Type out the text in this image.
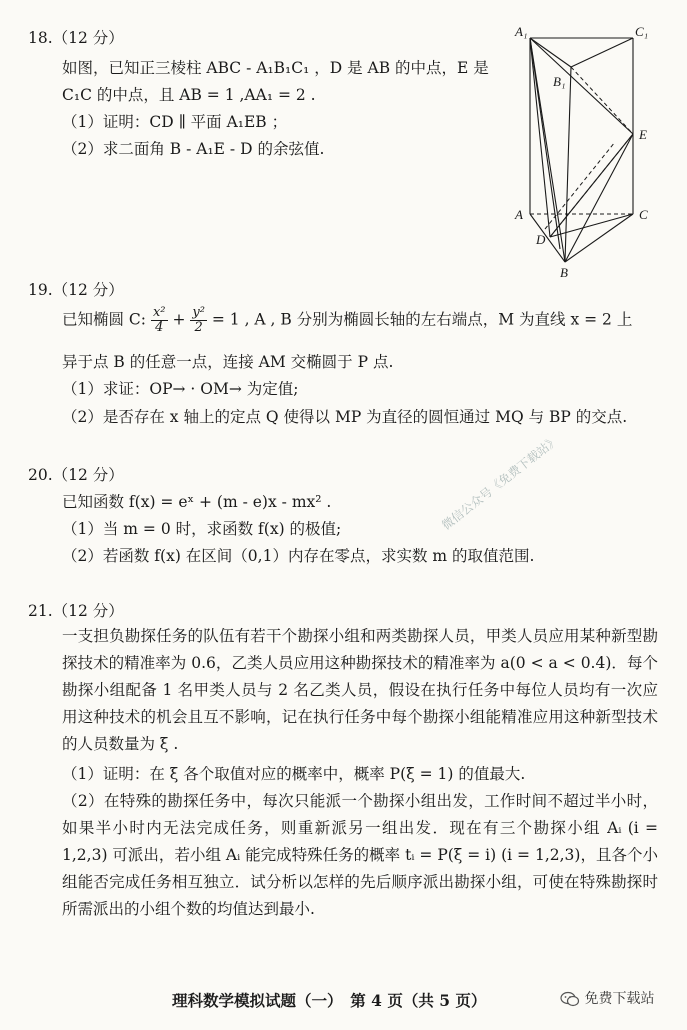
18.（12 分）
如图，已知正三棱柱 ABC - A₁B₁C₁ ，D 是 AB 的中点，E 是
C₁C 的中点，且 AB = 1 ,AA₁ = 2 .
（1）证明：CD ∥ 平面 A₁EB ；
（2）求二面角 B - A₁E - D 的余弦值.
A₁	C₁
B₁
E
A	C
D
B
19.（12 分）
已知椭圆 C: $\frac{\text{x²}}{4} + \frac{\text{y²}}{2} = 1$ , A , B 分别为椭圆长轴的左右端点，M 为直线 x = 2 上
异于点 B 的任意一点，连接 AM 交椭圆于 P 点.
（1）求证：OP→ · OM→ 为定值;
（2）是否存在 x 轴上的定点 Q 使得以 MP 为直径的圆恒通过 MQ 与 BP 的交点.
20.（12 分）
已知函数 f(x) = eˣ + (m - e)x - mx² .
（1）当 m = 0 时，求函数 f(x) 的极值;
（2）若函数 f(x) 在区间（0,1）内存在零点，求实数 m 的取值范围.
21.（12 分）
一支担负勘探任务的队伍有若干个勘探小组和两类勘探人员，甲类人员应用某种新型勘探技术的精准率为 0.6，乙类人员应用这种勘探技术的精准率为 a(0 < a < 0.4)．每个勘探小组配备 1 名甲类人员与 2 名乙类人员，假设在执行任务中每位人员均有一次应用这种技术的机会且互不影响，记在执行任务中每个勘探小组能精准应用这种新型技术的人员数量为 ξ .
（1）证明：在 ξ 各个取值对应的概率中，概率 P(ξ = 1) 的值最大.
（2）在特殊的勘探任务中，每次只能派一个勘探小组出发，工作时间不超过半小时，如果半小时内无法完成任务，则重新派另一组出发．现在有三个勘探小组 Aᵢ (i = 1,2,3) 可派出，若小组 Aᵢ 能完成特殊任务的概率 tᵢ = P(ξ = i) (i = 1,2,3)，且各个小组能否完成任务相互独立．试分析以怎样的先后顺序派出勘探小组，可使在特殊勘探时所需派出的小组个数的均值达到最小.
微信公众号《免费下载站》
理科数学模拟试题（一）　第 4 页（共 5 页）	免费下载站
